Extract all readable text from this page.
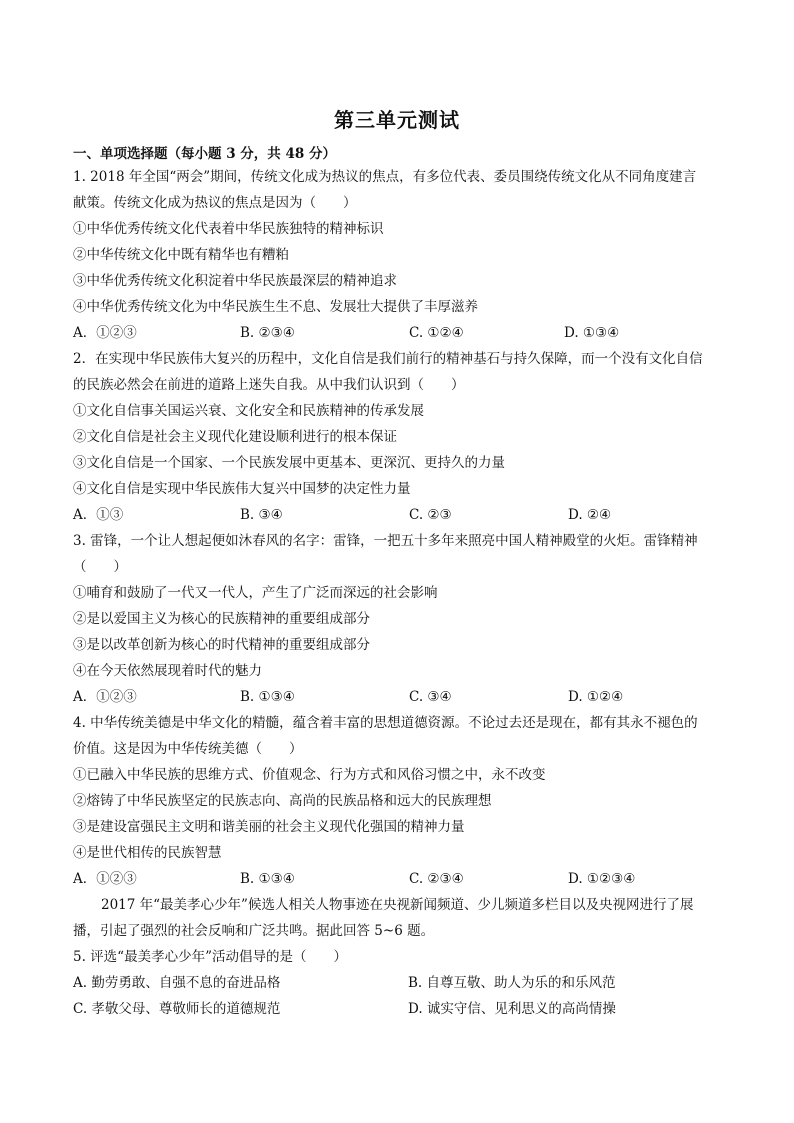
第三单元测试
一、单项选择题（每小题 3 分，共 48 分）
1. 2018 年全国“两会”期间，传统文化成为热议的焦点，有多位代表、委员围绕传统文化从不同角度建言
献策。传统文化成为热议的焦点是因为（　　）
①中华优秀传统文化代表着中华民族独特的精神标识
②中华传统文化中既有精华也有糟粕
③中华优秀传统文化积淀着中华民族最深层的精神追求
④中华优秀传统文化为中华民族生生不息、发展壮大提供了丰厚滋养
A．①②③	B. ②③④	C. ①②④	D. ①③④
2．在实现中华民族伟大复兴的历程中，文化自信是我们前行的精神基石与持久保障，而一个没有文化自信
的民族必然会在前进的道路上迷失自我。从中我们认识到（　　）
①文化自信事关国运兴衰、文化安全和民族精神的传承发展
②文化自信是社会主义现代化建设顺利进行的根本保证
③文化自信是一个国家、一个民族发展中更基本、更深沉、更持久的力量
④文化自信是实现中华民族伟大复兴中国梦的决定性力量
A．①③	B. ③④	C. ②③	D. ②④
3. 雷锋，一个让人想起便如沐春风的名字：雷锋，一把五十多年来照亮中国人精神殿堂的火炬。雷锋精神
（　　）
①哺育和鼓励了一代又一代人，产生了广泛而深远的社会影响
②是以爱国主义为核心的民族精神的重要组成部分
③是以改革创新为核心的时代精神的重要组成部分
④在今天依然展现着时代的魅力
A．①②③	B. ①③④	C. ③④	D. ①②④
4. 中华传统美德是中华文化的精髓，蕴含着丰富的思想道德资源。不论过去还是现在，都有其永不褪色的
价值。这是因为中华传统美德（　　）
①已融入中华民族的思维方式、价值观念、行为方式和风俗习惯之中，永不改变
②熔铸了中华民族坚定的民族志向、高尚的民族品格和远大的民族理想
③是建设富强民主文明和谐美丽的社会主义现代化强国的精神力量
④是世代相传的民族智慧
A．①②③	B. ①③④	C. ②③④	D. ①②③④
2017 年“最美孝心少年”候选人相关人物事迹在央视新闻频道、少儿频道多栏目以及央视网进行了展
播，引起了强烈的社会反响和广泛共鸣。据此回答 5~6 题。
5. 评选“最美孝心少年”活动倡导的是（　　）
A. 勤劳勇敢、自强不息的奋进品格	B. 自尊互敬、助人为乐的和乐风范
C. 孝敬父母、尊敬师长的道德规范	D. 诚实守信、见利思义的高尚情操
